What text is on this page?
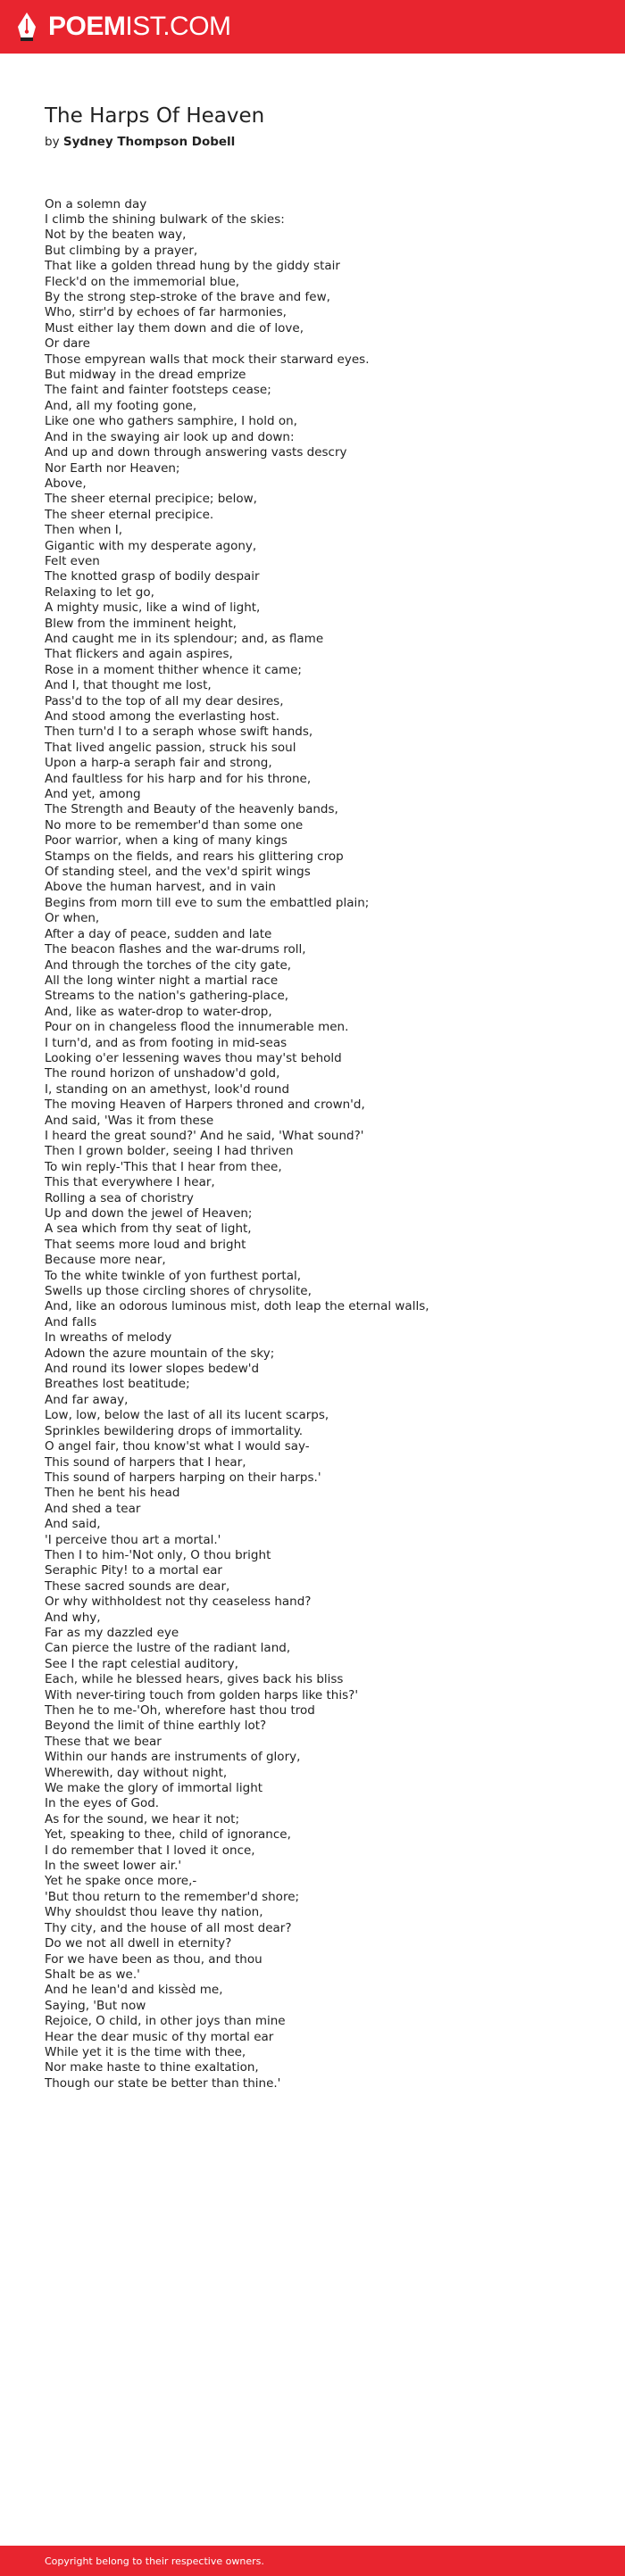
POEMIST.COM
The Harps Of Heaven
by Sydney Thompson Dobell
On a solemn day
I climb the shining bulwark of the skies:
Not by the beaten way,
But climbing by a prayer,
That like a golden thread hung by the giddy stair
Fleck'd on the immemorial blue,
By the strong step-stroke of the brave and few,
Who, stirr'd by echoes of far harmonies,
Must either lay them down and die of love,
Or dare
Those empyrean walls that mock their starward eyes.
But midway in the dread emprize
The faint and fainter footsteps cease;
And, all my footing gone,
Like one who gathers samphire, I hold on,
And in the swaying air look up and down:
And up and down through answering vasts descry
Nor Earth nor Heaven;
Above,
The sheer eternal precipice; below,
The sheer eternal precipice.
Then when I,
Gigantic with my desperate agony,
Felt even
The knotted grasp of bodily despair
Relaxing to let go,
A mighty music, like a wind of light,
Blew from the imminent height,
And caught me in its splendour; and, as flame
That flickers and again aspires,
Rose in a moment thither whence it came;
And I, that thought me lost,
Pass'd to the top of all my dear desires,
And stood among the everlasting host.
Then turn'd I to a seraph whose swift hands,
That lived angelic passion, struck his soul
Upon a harp-a seraph fair and strong,
And faultless for his harp and for his throne,
And yet, among
The Strength and Beauty of the heavenly bands,
No more to be remember'd than some one
Poor warrior, when a king of many kings
Stamps on the fields, and rears his glittering crop
Of standing steel, and the vex'd spirit wings
Above the human harvest, and in vain
Begins from morn till eve to sum the embattled plain;
Or when,
After a day of peace, sudden and late
The beacon flashes and the war-drums roll,
And through the torches of the city gate,
All the long winter night a martial race
Streams to the nation's gathering-place,
And, like as water-drop to water-drop,
Pour on in changeless flood the innumerable men.
I turn'd, and as from footing in mid-seas
Looking o'er lessening waves thou may'st behold
The round horizon of unshadow'd gold,
I, standing on an amethyst, look'd round
The moving Heaven of Harpers throned and crown'd,
And said, 'Was it from these
I heard the great sound?' And he said, 'What sound?'
Then I grown bolder, seeing I had thriven
To win reply-'This that I hear from thee,
This that everywhere I hear,
Rolling a sea of choristry
Up and down the jewel of Heaven;
A sea which from thy seat of light,
That seems more loud and bright
Because more near,
To the white twinkle of yon furthest portal,
Swells up those circling shores of chrysolite,
And, like an odorous luminous mist, doth leap the eternal walls,
And falls
In wreaths of melody
Adown the azure mountain of the sky;
And round its lower slopes bedew'd
Breathes lost beatitude;
And far away,
Low, low, below the last of all its lucent scarps,
Sprinkles bewildering drops of immortality.
O angel fair, thou know'st what I would say-
This sound of harpers that I hear,
This sound of harpers harping on their harps.'
Then he bent his head
And shed a tear
And said,
'I perceive thou art a mortal.'
Then I to him-'Not only, O thou bright
Seraphic Pity! to a mortal ear
These sacred sounds are dear,
Or why withholdest not thy ceaseless hand?
And why,
Far as my dazzled eye
Can pierce the lustre of the radiant land,
See I the rapt celestial auditory,
Each, while he blessed hears, gives back his bliss
With never-tiring touch from golden harps like this?'
Then he to me-'Oh, wherefore hast thou trod
Beyond the limit of thine earthly lot?
These that we bear
Within our hands are instruments of glory,
Wherewith, day without night,
We make the glory of immortal light
In the eyes of God.
As for the sound, we hear it not;
Yet, speaking to thee, child of ignorance,
I do remember that I loved it once,
In the sweet lower air.'
Yet he spake once more,-
'But thou return to the remember'd shore;
Why shouldst thou leave thy nation,
Thy city, and the house of all most dear?
Do we not all dwell in eternity?
For we have been as thou, and thou
Shalt be as we.'
And he lean'd and kissèd me,
Saying, 'But now
Rejoice, O child, in other joys than mine
Hear the dear music of thy mortal ear
While yet it is the time with thee,
Nor make haste to thine exaltation,
Though our state be better than thine.'
Copyright belong to their respective owners.
